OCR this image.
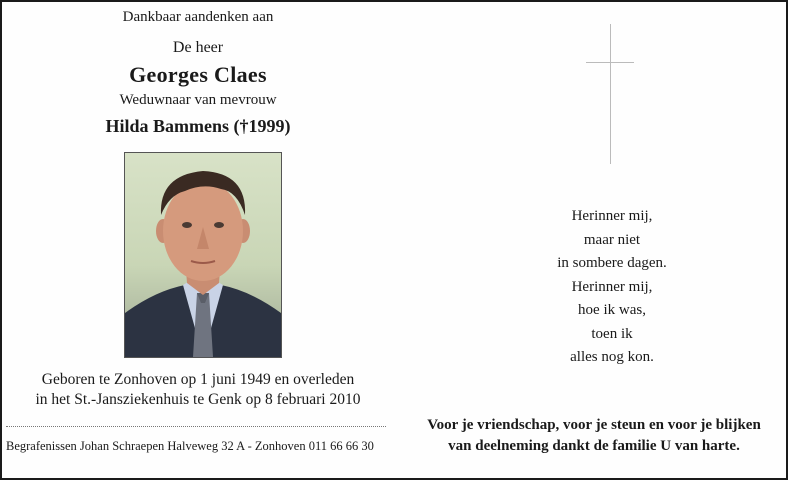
Dankbaar aandenken aan
De heer
Georges Claes
Weduwnaar van mevrouw
Hilda Bammens (†1999)
Geboren te Zonhoven op 1 juni 1949 en overleden
in het St.-Jansziekenhuis te Genk op 8 februari 2010
Begrafenissen Johan Schraepen Halveweg 32 A - Zonhoven 011 66 66 30
Herinner mij,
maar niet
in sombere dagen.
Herinner mij,
hoe ik was,
toen ik
alles nog kon.
Voor je vriendschap, voor je steun en voor je blijken
van deelneming dankt de familie U van harte.
